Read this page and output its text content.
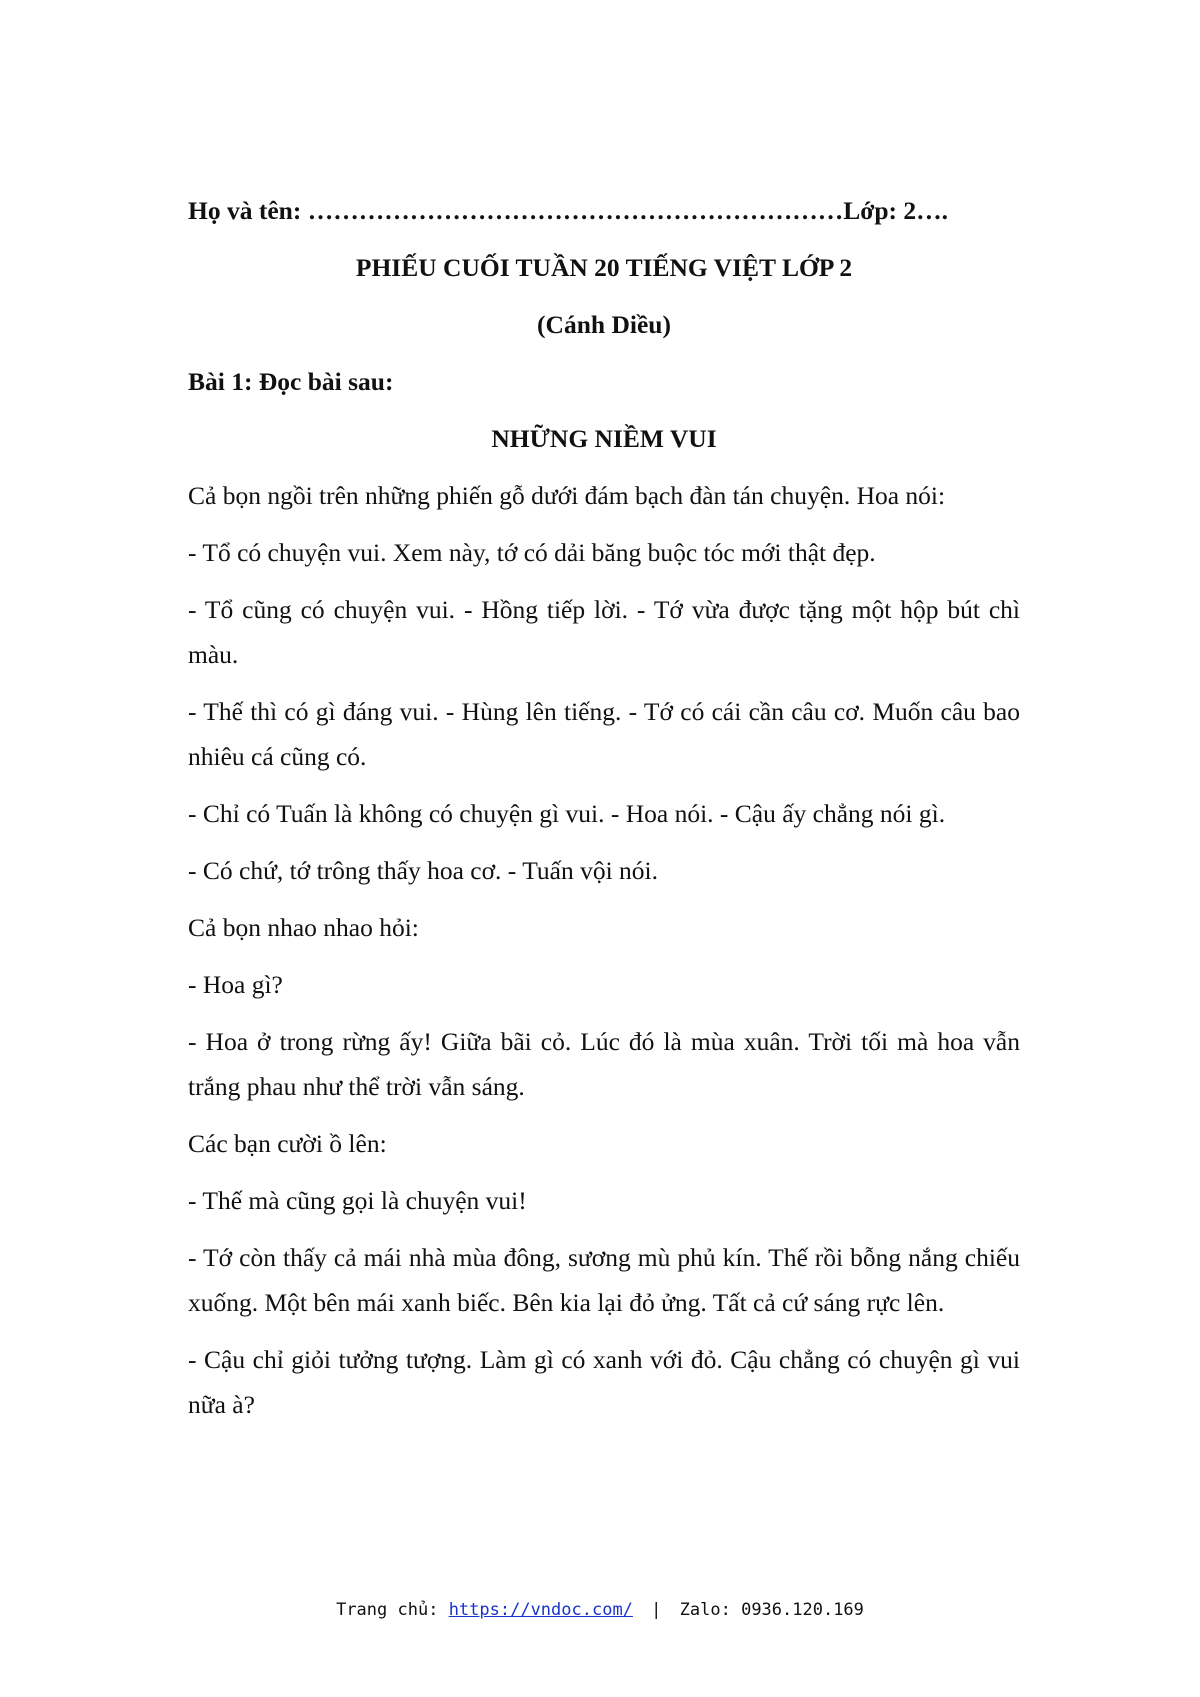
Họ và tên: ………………………………………………………Lớp: 2….

PHIẾU CUỐI TUẦN 20 TIẾNG VIỆT LỚP 2

(Cánh Diều)

Bài 1: Đọc bài sau:

NHỮNG NIỀM VUI

Cả bọn ngồi trên những phiến gỗ dưới đám bạch đàn tán chuyện. Hoa nói:

- Tổ có chuyện vui. Xem này, tớ có dải băng buộc tóc mới thật đẹp.

- Tổ cũng có chuyện vui. - Hồng tiếp lời. - Tớ vừa được tặng một hộp bút chì màu.

- Thế thì có gì đáng vui. - Hùng lên tiếng. - Tớ có cái cần câu cơ. Muốn câu bao nhiêu cá cũng có.

- Chỉ có Tuấn là không có chuyện gì vui. - Hoa nói. - Cậu ấy chẳng nói gì.

- Có chứ, tớ trông thấy hoa cơ. - Tuấn vội nói.

Cả bọn nhao nhao hỏi:

- Hoa gì?

- Hoa ở trong rừng ấy! Giữa bãi cỏ. Lúc đó là mùa xuân. Trời tối mà hoa vẫn trắng phau như thể trời vẫn sáng.

Các bạn cười ồ lên:

- Thế mà cũng gọi là chuyện vui!

- Tớ còn thấy cả mái nhà mùa đông, sương mù phủ kín. Thế rồi bỗng nắng chiếu xuống. Một bên mái xanh biếc. Bên kia lại đỏ ửng. Tất cả cứ sáng rực lên.

- Cậu chỉ giỏi tưởng tượng. Làm gì có xanh với đỏ. Cậu chẳng có chuyện gì vui nữa à?

Trang chủ: https://vndoc.com/ | Zalo: 0936.120.169
